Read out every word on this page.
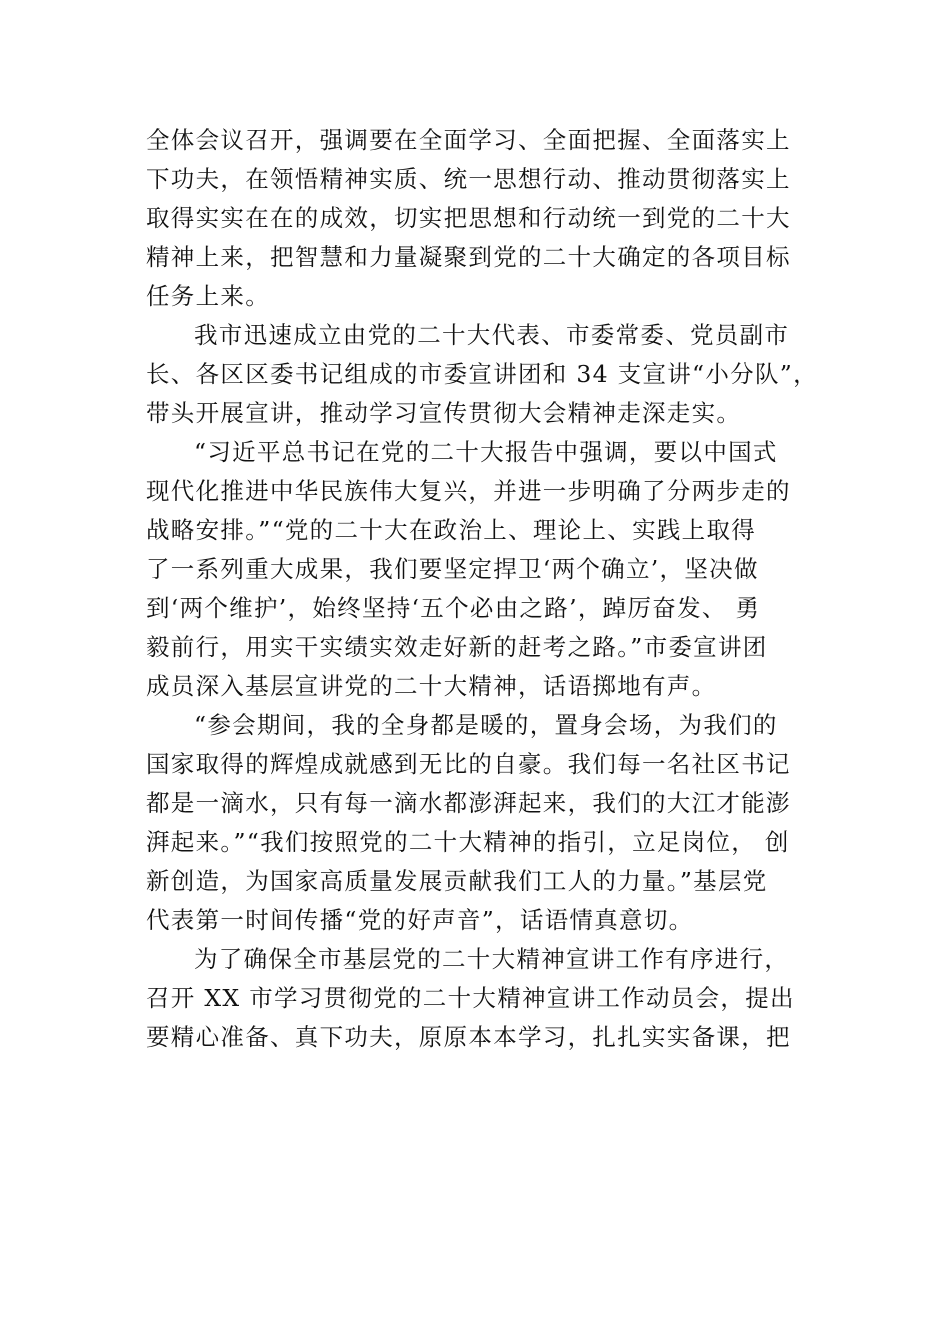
全体会议召开，强调要在全面学习、全面把握、全面落实上
下功夫，在领悟精神实质、统一思想行动、推动贯彻落实上
取得实实在在的成效，切实把思想和行动统一到党的二十大
精神上来，把智慧和力量凝聚到党的二十大确定的各项目标
任务上来。
我市迅速成立由党的二十大代表、市委常委、党员副市
长、各区区委书记组成的市委宣讲团和 34 支宣讲“小分队”，
带头开展宣讲，推动学习宣传贯彻大会精神走深走实。
“习近平总书记在党的二十大报告中强调，要以中国式
现代化推进中华民族伟大复兴，并进一步明确了分两步走的
战略安排。”“党的二十大在政治上、理论上、实践上取得
了一系列重大成果，我们要坚定捍卫‘两个确立’，坚决做
到‘两个维护’，始终坚持‘五个必由之路’，踔厉奋发、 勇
毅前行，用实干实绩实效走好新的赶考之路。”市委宣讲团
成员深入基层宣讲党的二十大精神，话语掷地有声。
“参会期间，我的全身都是暖的，置身会场，为我们的
国家取得的辉煌成就感到无比的自豪。我们每一名社区书记
都是一滴水，只有每一滴水都澎湃起来，我们的大江才能澎
湃起来。”“我们按照党的二十大精神的指引，立足岗位， 创
新创造，为国家高质量发展贡献我们工人的力量。”基层党
代表第一时间传播“党的好声音”，话语情真意切。
为了确保全市基层党的二十大精神宣讲工作有序进行，
召开 XX 市学习贯彻党的二十大精神宣讲工作动员会，提出
要精心准备、真下功夫，原原本本学习，扎扎实实备课，把
